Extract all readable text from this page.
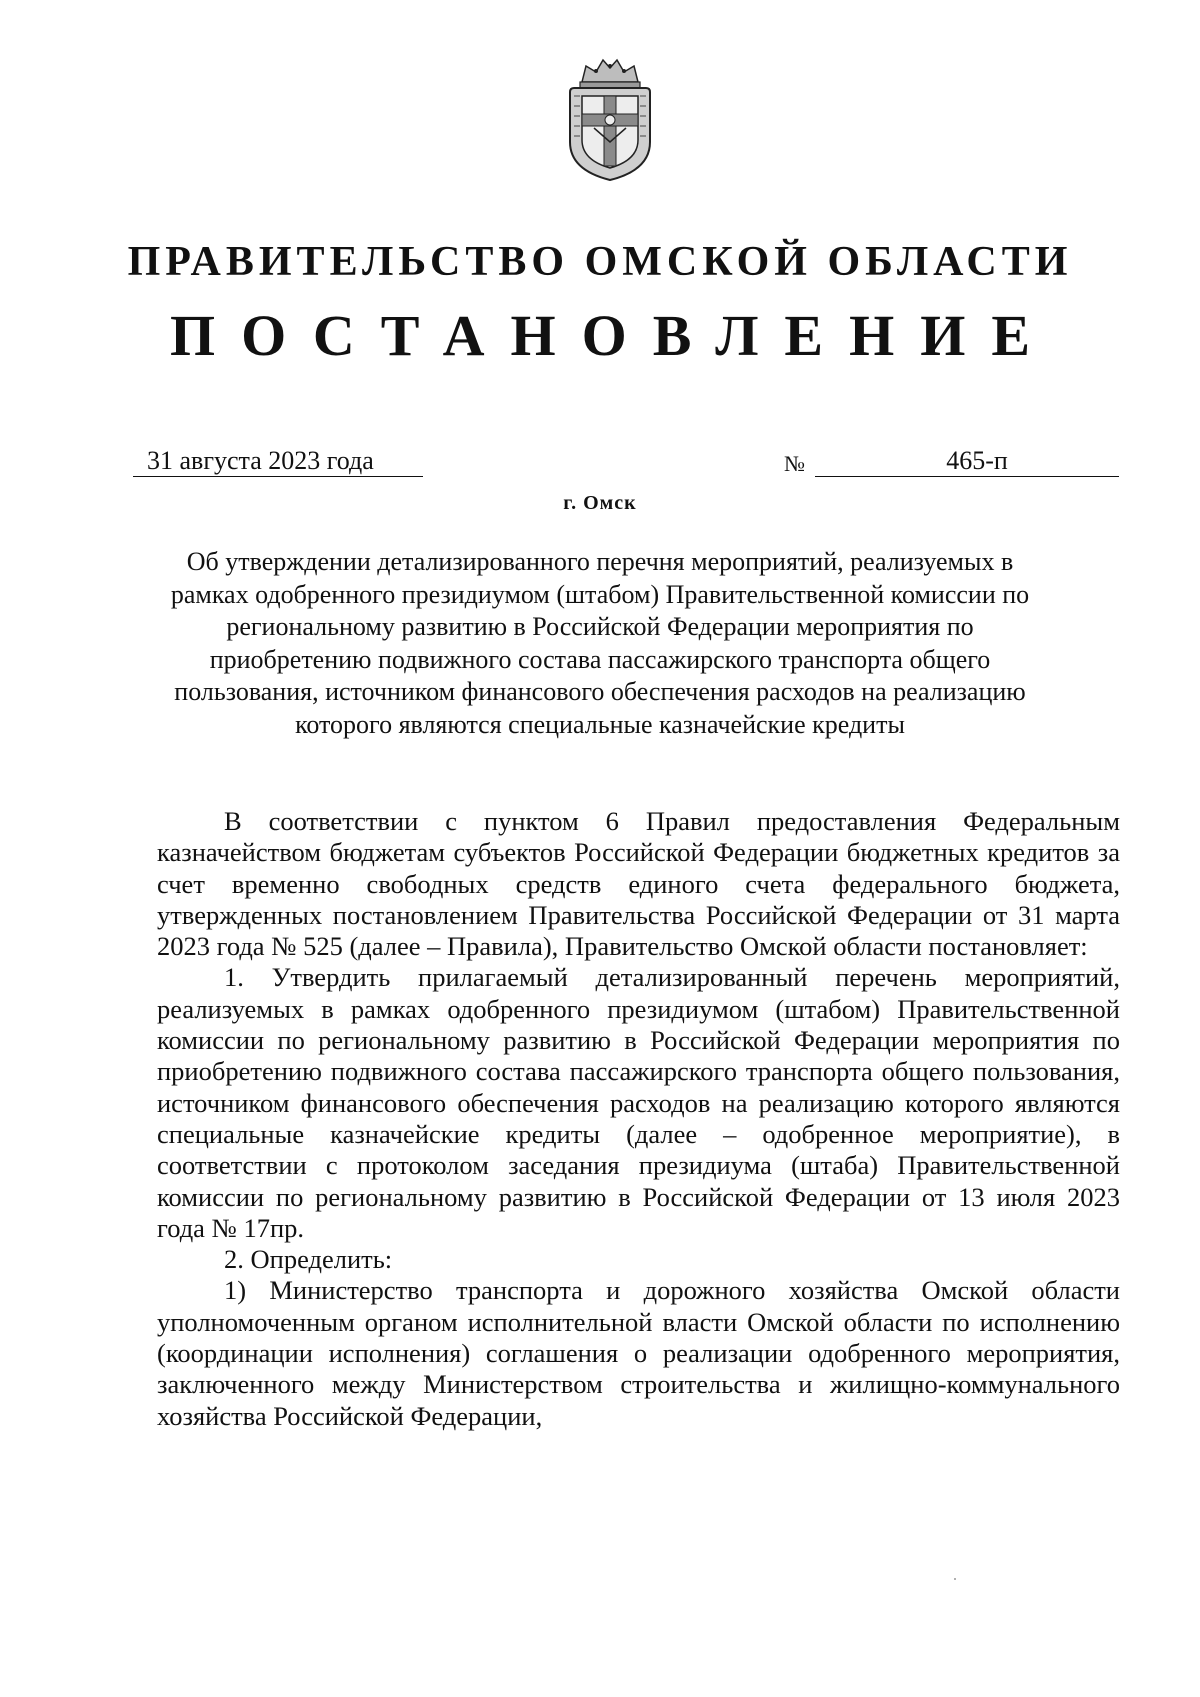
ПРАВИТЕЛЬСТВО ОМСКОЙ ОБЛАСТИ
ПОСТАНОВЛЕНИЕ
31 августа 2023 года	№	465-п
г. Омск
Об утверждении детализированного перечня мероприятий, реализуемых в рамках одобренного президиумом (штабом) Правительственной комиссии по региональному развитию в Российской Федерации мероприятия по приобретению подвижного состава пассажирского транспорта общего пользования, источником финансового обеспечения расходов на реализацию которого являются специальные казначейские кредиты

В соответствии с пунктом 6 Правил предоставления Федеральным казначейством бюджетам субъектов Российской Федерации бюджетных кредитов за счет временно свободных средств единого счета федерального бюджета, утвержденных постановлением Правительства Российской Федерации от 31 марта 2023 года № 525 (далее – Правила), Правительство Омской области постановляет:

1. Утвердить прилагаемый детализированный перечень мероприятий, реализуемых в рамках одобренного президиумом (штабом) Правительственной комиссии по региональному развитию в Российской Федерации мероприятия по приобретению подвижного состава пассажирского транспорта общего пользования, источником финансового обеспечения расходов на реализацию которого являются специальные казначейские кредиты (далее – одобренное мероприятие), в соответствии с протоколом заседания президиума (штаба) Правительственной комиссии по региональному развитию в Российской Федерации от 13 июля 2023 года № 17пр.

2. Определить:

1) Министерство транспорта и дорожного хозяйства Омской области уполномоченным органом исполнительной власти Омской области по исполнению (координации исполнения) соглашения о реализации одобренного мероприятия, заключенного между Министерством строительства и жилищно-коммунального хозяйства Российской Федерации,
